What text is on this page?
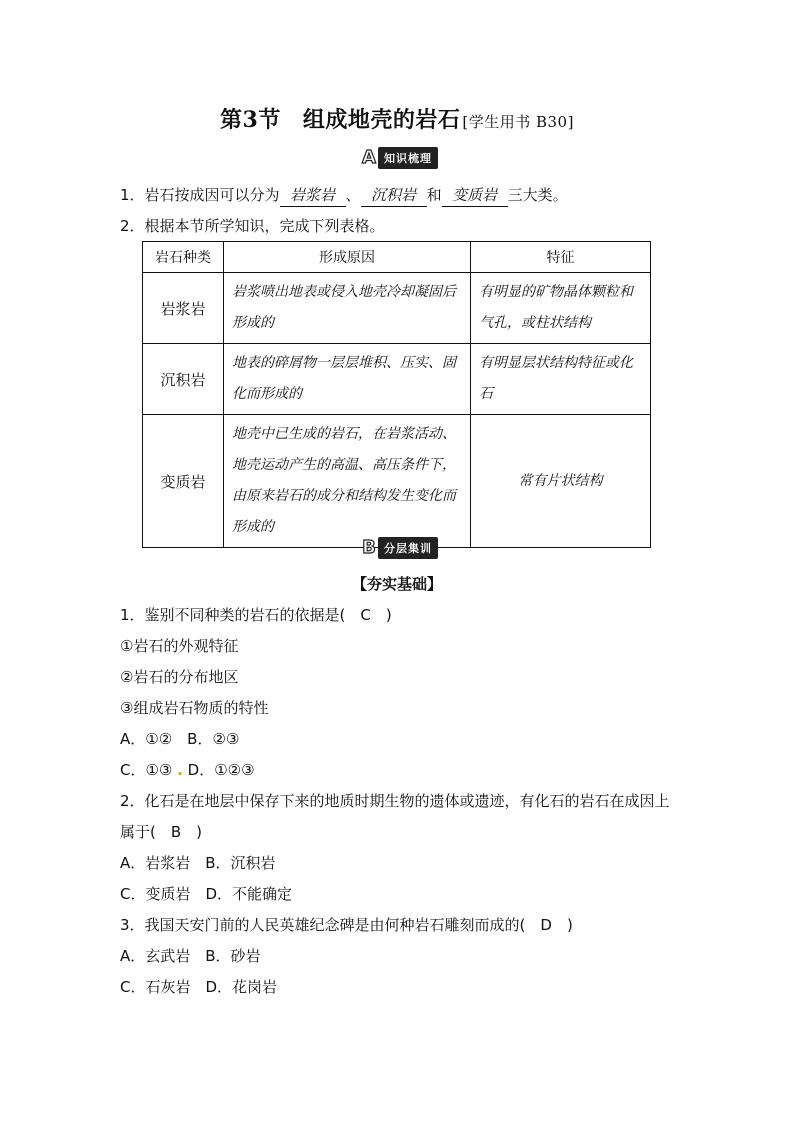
第3节 组成地壳的岩石 [学生用书 B30]
A 知识梳理
1．岩石按成因可以分为 岩浆岩 、 沉积岩 和 变质岩 三大类。
2．根据本节所学知识，完成下列表格。
岩石种类	形成原因	特征
岩浆岩	岩浆喷出地表或侵入地壳冷却凝固后形成的	有明显的矿物晶体颗粒和气孔，或柱状结构
沉积岩	地表的碎屑物一层层堆积、压实、固化而形成的	有明显层状结构特征或化石
变质岩	地壳中已生成的岩石，在岩浆活动、地壳运动产生的高温、高压条件下，由原来岩石的成分和结构发生变化而形成的	常有片状结构
B 分层集训
【夯实基础】
1．鉴别不同种类的岩石的依据是(　C　)
①岩石的外观特征
②岩石的分布地区
③组成岩石物质的特性
A．①②　B．②③
C．①③ . D．①②③
2．化石是在地层中保存下来的地质时期生物的遗体或遗迹，有化石的岩石在成因上属于(　B　)
A．岩浆岩　B．沉积岩
C．变质岩　D．不能确定
3．我国天安门前的人民英雄纪念碑是由何种岩石雕刻而成的(　D　)
A．玄武岩　B．砂岩
C．石灰岩　D．花岗岩
